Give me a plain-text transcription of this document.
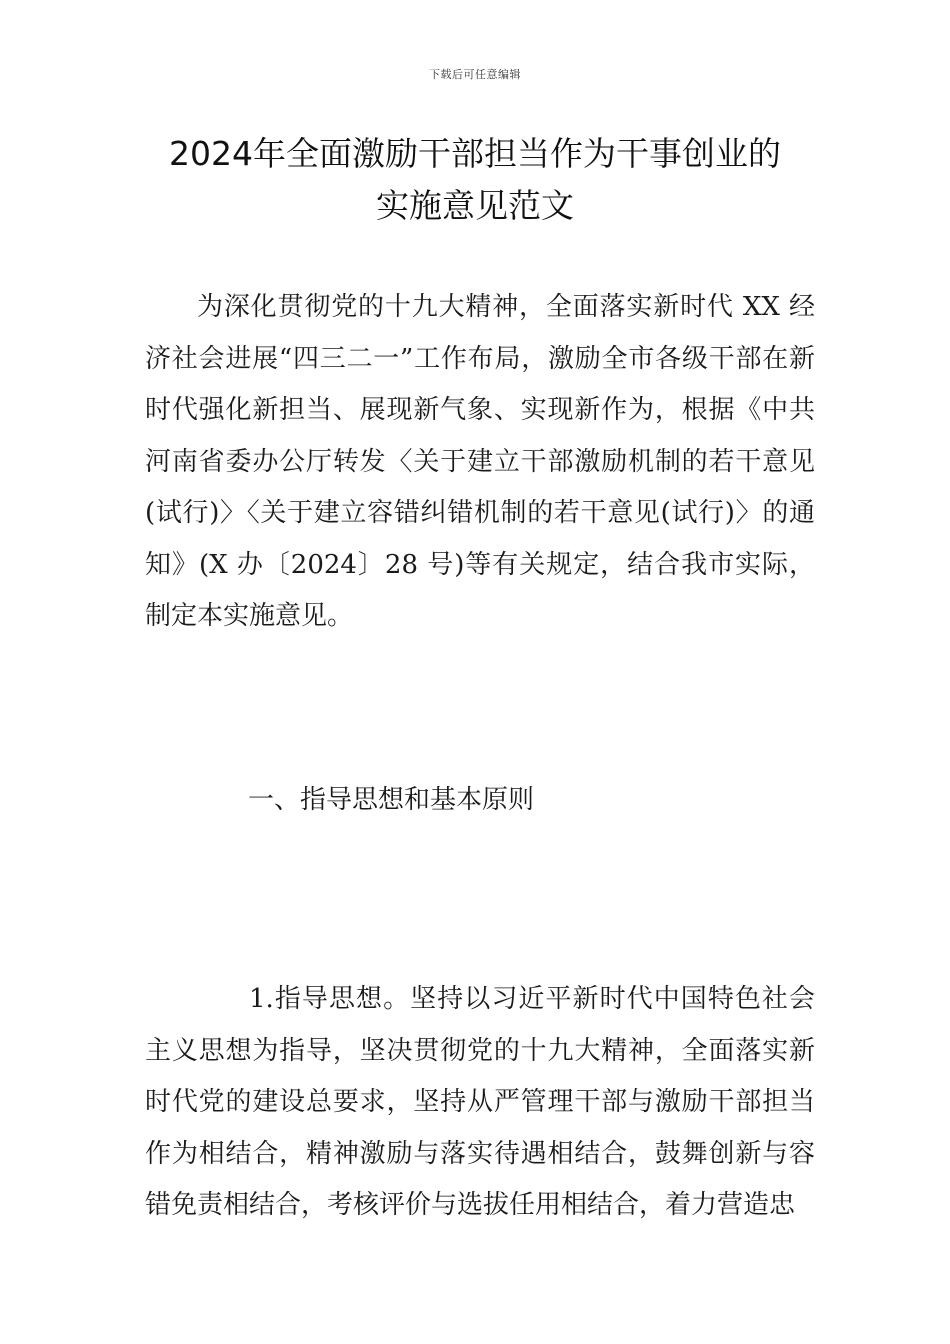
下载后可任意编辑
2024年全面激励干部担当作为干事创业的
实施意见范文
为深化贯彻党的十九大精神，全面落实新时代 XX 经济社会进展“四三二一”工作布局，激励全市各级干部在新时代强化新担当、展现新气象、实现新作为，根据《中共河南省委办公厅转发〈关于建立干部激励机制的若干意见(试行)〉〈关于建立容错纠错机制的若干意见(试行)〉的通知》(X 办〔2024〕28 号)等有关规定，结合我市实际，制定本实施意见。
一、指导思想和基本原则
1.指导思想。坚持以习近平新时代中国特色社会主义思想为指导，坚决贯彻党的十九大精神，全面落实新时代党的建设总要求，坚持从严管理干部与激励干部担当作为相结合，精神激励与落实待遇相结合，鼓舞创新与容错免责相结合，考核评价与选拔任用相结合，着力营造忠
